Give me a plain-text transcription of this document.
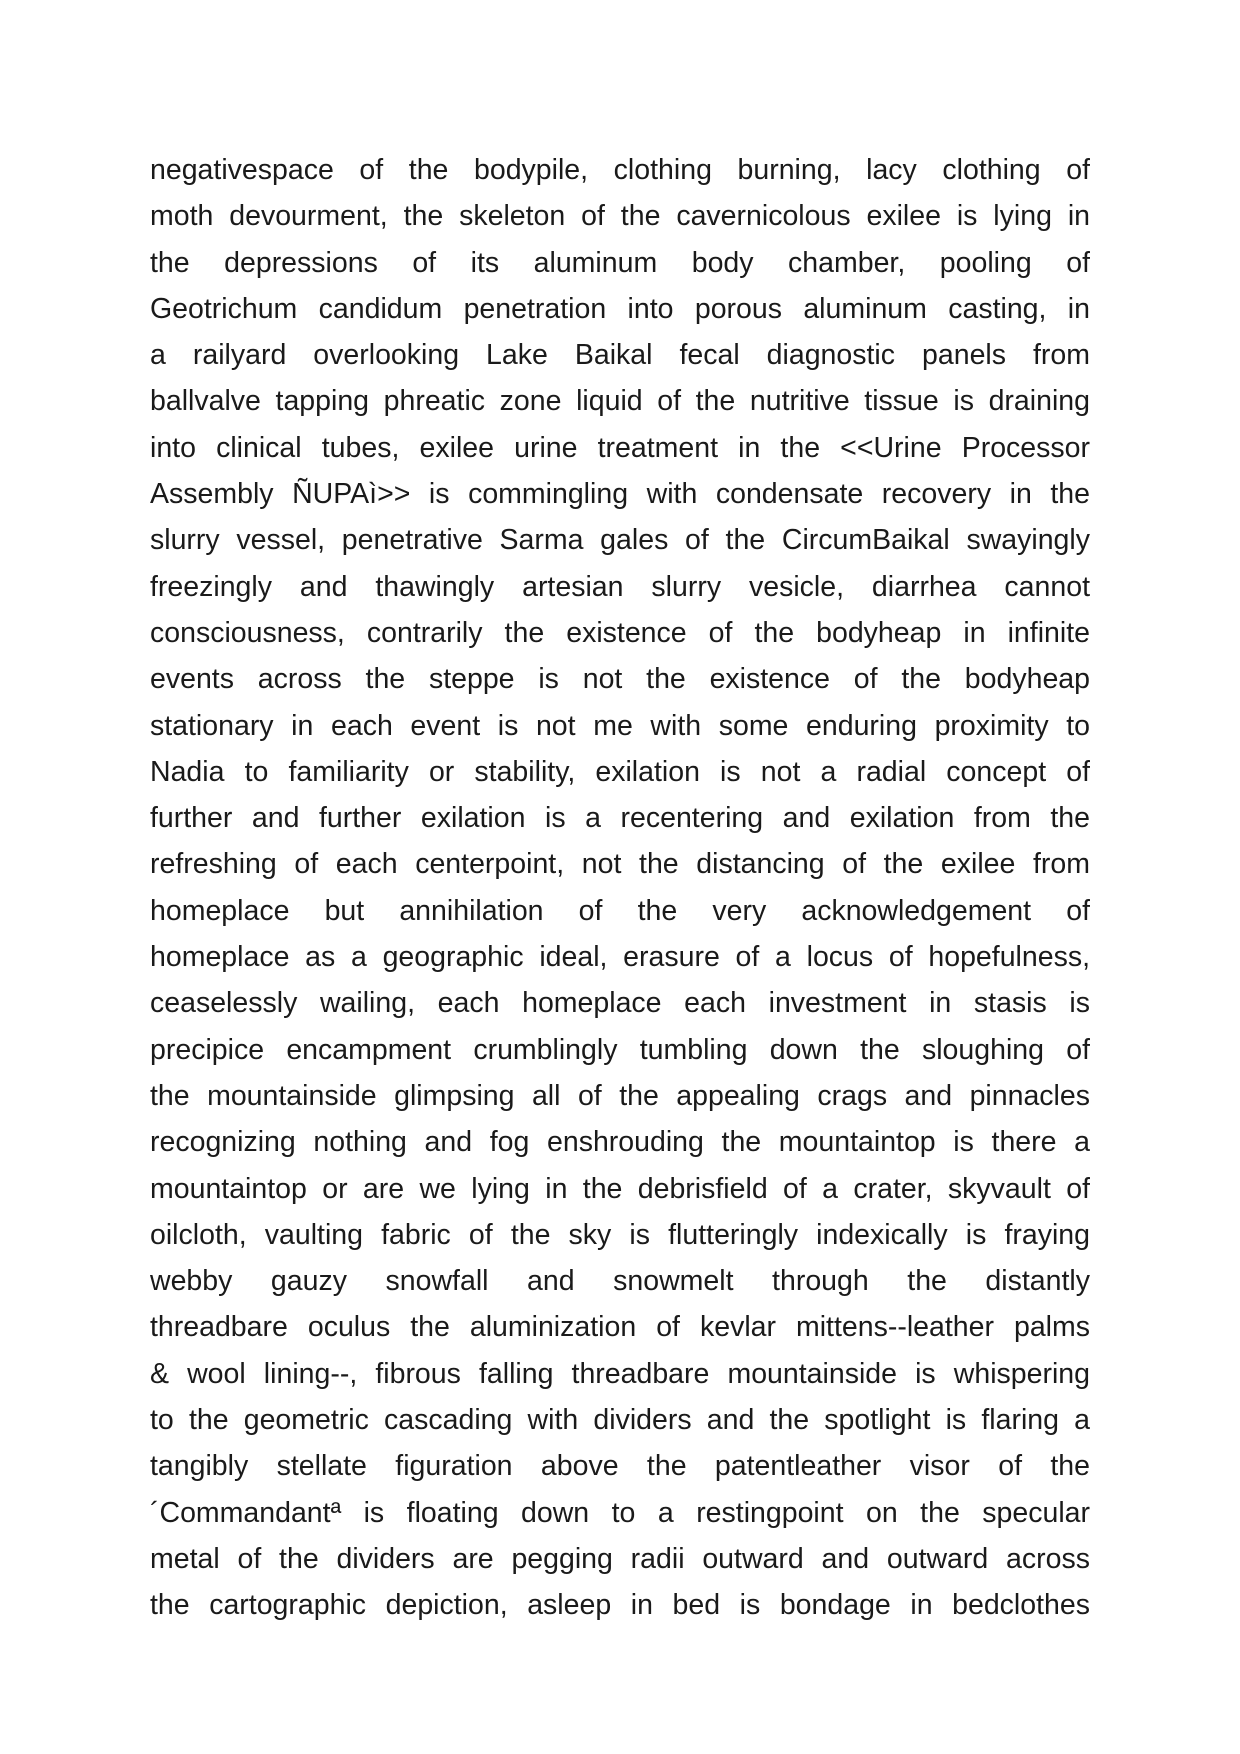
negativespace of the bodypile, clothing burning, lacy clothing of
moth devourment, the skeleton of the cavernicolous exilee is lying in
the depressions of its aluminum body chamber, pooling of
Geotrichum candidum penetration into porous aluminum casting, in
a railyard overlooking Lake Baikal fecal diagnostic panels from
ballvalve tapping phreatic zone liquid of the nutritive tissue is draining
into clinical tubes, exilee urine treatment in the <<Urine Processor
Assembly ÑUPAì>> is commingling with condensate recovery in the
slurry vessel, penetrative Sarma gales of the CircumBaikal swayingly
freezingly and thawingly artesian slurry vesicle, diarrhea cannot
consciousness, contrarily the existence of the bodyheap in infinite
events across the steppe is not the existence of the bodyheap
stationary in each event is not me with some enduring proximity to
Nadia to familiarity or stability, exilation is not a radial concept of
further and further exilation is a recentering and exilation from the
refreshing of each centerpoint, not the distancing of the exilee from
homeplace but annihilation of the very acknowledgement of
homeplace as a geographic ideal, erasure of a locus of hopefulness,
ceaselessly wailing, each homeplace each investment in stasis is
precipice encampment crumblingly tumbling down the sloughing of
the mountainside glimpsing all of the appealing crags and pinnacles
recognizing nothing and fog enshrouding the mountaintop is there a
mountaintop or are we lying in the debrisfield of a crater, skyvault of
oilcloth, vaulting fabric of the sky is flutteringly indexically is fraying
webby gauzy snowfall and snowmelt through the distantly
threadbare oculus the aluminization of kevlar mittens--leather palms
& wool lining--, fibrous falling threadbare mountainside is whispering
to the geometric cascading with dividers and the spotlight is flaring a
tangibly stellate figuration above the patentleather visor of the
´Commandantª is floating down to a restingpoint on the specular
metal of the dividers are pegging radii outward and outward across
the cartographic depiction, asleep in bed is bondage in bedclothes
